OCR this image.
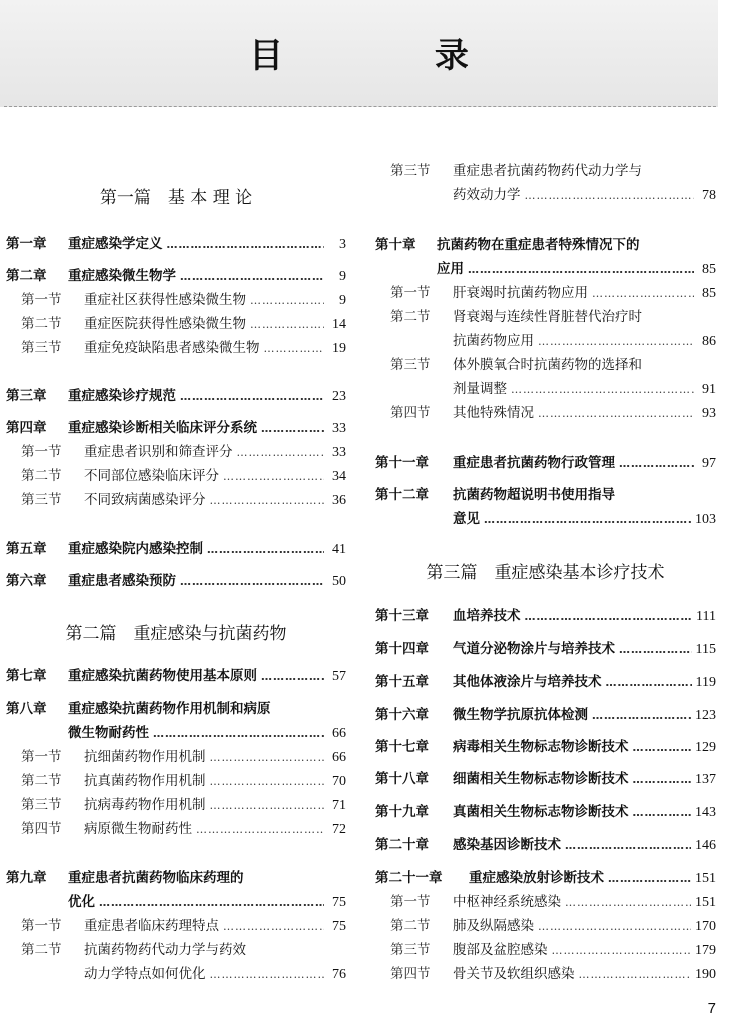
目 录
第一篇　基 本 理 论
第一章	重症感染学定义 …………………………………………………………………………………………	3
第二章	重症感染微生物学 …………………………………………………………………………………………	9
第一节	重症社区获得性感染微生物 …………………………………………………………………………………………	9
第二节	重症医院获得性感染微生物 …………………………………………………………………………………………	14
第三节	重症免疫缺陷患者感染微生物 …………………………………………………………………………………………	19
第三章	重症感染诊疗规范 …………………………………………………………………………………………	23
第四章	重症感染诊断相关临床评分系统 …………………………………………………………………………………………	33
第一节	重症患者识别和筛查评分 …………………………………………………………………………………………	33
第二节	不同部位感染临床评分 …………………………………………………………………………………………	34
第三节	不同致病菌感染评分 …………………………………………………………………………………………	36
第五章	重症感染院内感染控制 …………………………………………………………………………………………	41
第六章	重症患者感染预防 …………………………………………………………………………………………	50
第二篇　重症感染与抗菌药物
第七章	重症感染抗菌药物使用基本原则 …………………………………………………………………………………………	57
第八章	重症感染抗菌药物作用机制和病原
微生物耐药性 …………………………………………………………………………………………	66
第一节	抗细菌药物作用机制 …………………………………………………………………………………………	66
第二节	抗真菌药物作用机制 …………………………………………………………………………………………	70
第三节	抗病毒药物作用机制 …………………………………………………………………………………………	71
第四节	病原微生物耐药性 …………………………………………………………………………………………	72
第九章	重症患者抗菌药物临床药理的
优化 …………………………………………………………………………………………	75
第一节	重症患者临床药理特点 …………………………………………………………………………………………	75
第二节	抗菌药物药代动力学与药效
动力学特点如何优化 …………………………………………………………………………………………	76
第三节	重症患者抗菌药物药代动力学与
药效动力学 …………………………………………………………………………………………	78
第十章	抗菌药物在重症患者特殊情况下的
应用 …………………………………………………………………………………………	85
第一节	肝衰竭时抗菌药物应用 …………………………………………………………………………………………	85
第二节	肾衰竭与连续性肾脏替代治疗时
抗菌药物应用 …………………………………………………………………………………………	86
第三节	体外膜氧合时抗菌药物的选择和
剂量调整 …………………………………………………………………………………………	91
第四节	其他特殊情况 …………………………………………………………………………………………	93
第十一章	重症患者抗菌药物行政管理 …………………………………………………………………………………………	97
第十二章	抗菌药物超说明书使用指导
意见 …………………………………………………………………………………………	103
第三篇　重症感染基本诊疗技术
第十三章	血培养技术 …………………………………………………………………………………………	111
第十四章	气道分泌物涂片与培养技术 …………………………………………………………………………………………	115
第十五章	其他体液涂片与培养技术 …………………………………………………………………………………………	119
第十六章	微生物学抗原抗体检测 …………………………………………………………………………………………	123
第十七章	病毒相关生物标志物诊断技术 …………………………………………………………………………………………	129
第十八章	细菌相关生物标志物诊断技术 …………………………………………………………………………………………	137
第十九章	真菌相关生物标志物诊断技术 …………………………………………………………………………………………	143
第二十章	感染基因诊断技术 …………………………………………………………………………………………	146
第二十一章	重症感染放射诊断技术 …………………………………………………………………………………………	151
第一节	中枢神经系统感染 …………………………………………………………………………………………	151
第二节	肺及纵隔感染 …………………………………………………………………………………………	170
第三节	腹部及盆腔感染 …………………………………………………………………………………………	179
第四节	骨关节及软组织感染 …………………………………………………………………………………………	190
7
